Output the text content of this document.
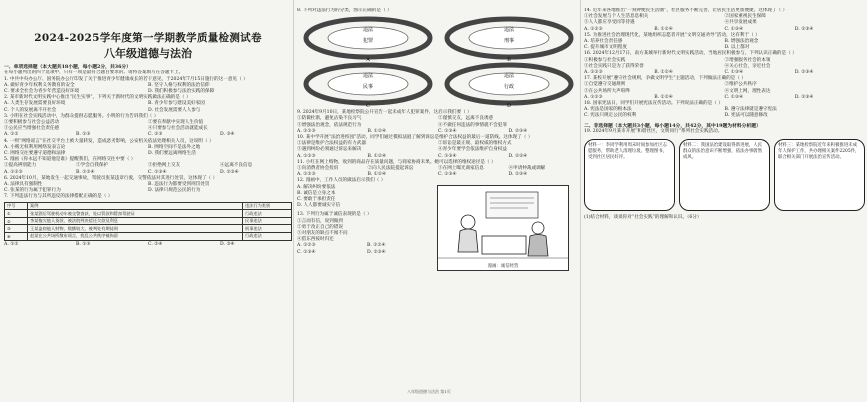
2024-2025学年度第一学期教学质量检测试卷
八年级道德与法治
一、单项选择题（本大题共18小题，每小题2分，共36分）
在每小题列出的四个选项中，只有一项是最符合题目要求的。请将答案填写在答题卡上。
1. 中共中央办公厅、国务院办公厅印发了关于推进青少年健康成长的若干意见，于2024年7月15日施行的这一意见（ ）
A. 做好青少年权利义务教育的安全	B. 坚守人格与权利的法治信仰
C. 要求全社会为青少年营造良好环境	D. 我们积极参与法治实践的保障
2. 某市新时代文明实践中心推出“民生实事”，下列关于新时代的文明实践做法正确的是（ ）
A. 人类生存发展需要良好环境	B. 青少年参与建设美好家园
C. 个人的发展离不开社会	D. 社会发展需要人人参与
3. 小明在社会实践活动中，为群众提供志愿服务。小明的行为告诉我们（ ）
①要积极参与社会公益活动	②要在奉献中实现人生价值
③公民应当增强社会责任感	④只要参与社会活动就能成长
A. ①②	B. ①③	C. ②③	D. ③④
4. 一则“网络谣言”在社交平台上被大量转发，造成恶劣影响，公安机关依法处理相关人员，这说明（ ）
A. 小贩无权利用网络发表言论	B. 网络空间不是法外之地
C. 网络交往要遵守道德和法律	D. 我们要远离网络生活
5. 漫画《你永远不知道他是谁》提醒我们，在网络交往中要（ ）
①提高辨别能力	②学会自我保护	③拒绝网上交友	④远离不良信息
A. ①②③	B. ①②④	C. ①③④	D. ②③④
6. 2024年10月，某地发生一起交通事故，驾驶员张某违章行驶，交警依法对其进行处罚。这体现了（ ）
A. 法律具有强制性	B. 违法行为都要受到刑罚处罚
C. 张某的行为属于犯罪行为	D. 法律只规范公民的行为
7. 下列违法行为与其所违反的法律搭配正确的是（ ）
序号	案例	违法行为类别
①	张某酒后驾驶机动车被交警查获，处以罚款和暂扣驾驶证	行政违法
②	李某拖欠他人货款，被法院判决偿还欠款及利息	民事违法
③	王某盗窃他人财物，数额较大，被判处有期徒刑	刑事违法
④	赵某在公共场所散布谣言，扰乱公共秩序被拘留	行政违法
A. ①②	B. ①③	C. ②④	D. ③④
8. 下列对违法行为的分类，图示正确的是（ ）
违法
犯罪
A
违法
刑事
B
违法
民事
C
违法
行政
D
9. 2024年9月10日，某地检察院公开宣告一起未成年人犯罪案件，这启示我们要（ ）
①防微杜渐，避免沾染不良习气	②谨慎交友，远离不良诱惑
③增强法治观念，依法规范行为	④不做任何违法的事情就不会犯罪
A. ①②③	B. ①②④	C. ①③④	D. ②③④
10. 某中学开展“法治进校园”活动，同学们通过模拟法庭了解到诉讼是维护合法权益的最后一道防线。这体现了（ ）
①法律是维护合法权益的有力武器	②诉讼是最正规、最权威的维权方式
③遇到纠纷必须通过诉讼来解决	④青少年要学会依法维护自身权益
A. ①②③	B. ①②④	C. ①③④	D. ②③④
11. 小红在网上购物，收到的商品存在质量问题，与商家协商未果。她可以选择的维权途径是（ ）
①向消费者协会投诉	②向人民法院提起诉讼	③在网上曝光商家信息	④申请仲裁或调解
A. ①②③	B. ①②④	C. ①③④	D. ②③④
12. 漫画中，工作人员的做法启示我们（ ）
A. 解决纠纷要依法
B. 诚信是立身之本
C. 要敢于承担责任
D. 人人都要诚实守信
13. 下列行为属于诚信表现的是（ ）
①言而有信，说到做到
②勇于改正自己的错误
③对朋友的缺点不闻不问
④借东西按时归还
A. ①②③	B. ①②④
C. ①③④	D. ②③④
漫画：诚信经营
八年级道德与法治 第1页
14. 近年来各地推出“一刻钟便民生活圈”，社区服务不断完善，让居民生活更加便捷。这体现了（ ）
①社会发展与个人生活息息相关	②国家重视民生保障
③人人都应享受同等待遇	④共享发展成果
A. ①②③	B. ①②④	C. ①③④	D. ②③④
15. 为推进社会治理现代化，某地组织志愿者开展“文明交通劝导”活动，这有利于（ ）
A. 培养社会责任感	B. 增强法治观念
C. 提升城市文明程度	D. 以上都对
16. 2024年12月17日，南方某城举行新时代文明实践活动，当地居民积极参与，下列认识正确的是（ ）
①积极参与社会实践	②增强服务社会的本领
③社会实践只是为了获得荣誉	④关心社会，亲近社会
A. ①②③	B. ①②④	C. ①③④	D. ②③④
17. 某校开展“遵守社会规则，争做文明学生”主题活动，下列做法正确的是（ ）
①自觉遵守交通规则	②维护公共秩序
③在公共场所大声喧哗	④文明上网，理性表达
A. ①②③	B. ①②④	C. ①③④	D. ②③④
18. 国家宪法日，同学们开展宪法宣传活动。下列说法正确的是（ ）
A. 宪法是国家的根本法	B. 遵守法律就是遵守宪法
C. 宪法只规定公民的权利	D. 宪法可以随意修改
二、非选择题（本大题共3小题，每小题14分，共42分，其中19题为材料分析题）
19. 2024年9月某市开展“和谐社区，文明同行”系列社会实践活动。
材料一：李同学利用周末时间参加社区志愿服务，帮助老人清理垃圾、整理图书，受到社区居民好评。
材料二：我国法治建设取得新进展，人民群众的法治意识不断增强，依法办事蔚然成风。
材料三：某地检察院近年来积极推进未成年人保护工作，共办理相关案件2205件，联合相关部门开展法治宣传活动。
(1)结合材料，谈谈你对“社会实践”的理解和认识。（6分）
